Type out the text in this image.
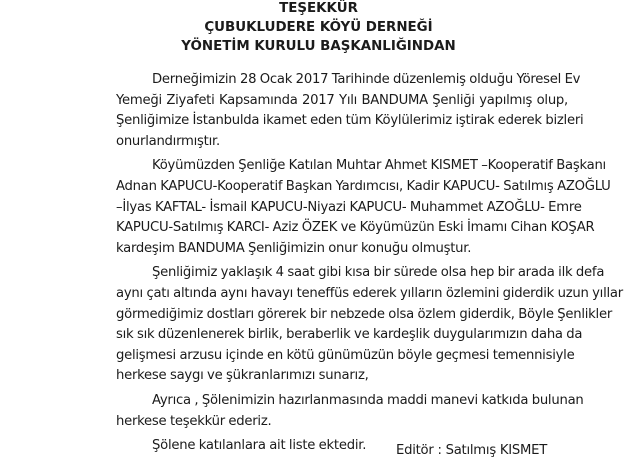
TEŞEKKÜR
ÇUBUKLUDERE KÖYÜ DERNEĞİ
YÖNETİM KURULU BAŞKANLIĞINDAN
Derneğimizin 28 Ocak 2017 Tarihinde düzenlemiş olduğu Yöresel Ev
Yemeği Ziyafeti Kapsamında 2017 Yılı BANDUMA Şenliği yapılmış olup,
Şenliğimize İstanbulda ikamet eden tüm Köylülerimiz iştirak ederek bizleri
onurlandırmıştır.
Köyümüzden Şenliğe Katılan Muhtar Ahmet KISMET –Kooperatif Başkanı
Adnan KAPUCU-Kooperatif Başkan Yardımcısı, Kadir KAPUCU- Satılmış AZOĞLU
–İlyas KAFTAL- İsmail KAPUCU-Niyazi KAPUCU- Muhammet AZOĞLU- Emre
KAPUCU-Satılmış KARCI- Aziz ÖZEK ve Köyümüzün Eski İmamı Cihan KOŞAR
kardeşim BANDUMA Şenliğimizin onur konuğu olmuştur.
Şenliğimiz yaklaşık 4 saat gibi kısa bir sürede olsa hep bir arada ilk defa
aynı çatı altında aynı havayı teneffüs ederek yılların özlemini giderdik uzun yıllar
görmediğimiz dostları görerek bir nebzede olsa özlem giderdik, Böyle Şenlikler
sık sık düzenlenerek birlik, beraberlik ve kardeşlik duygularımızın daha da
gelişmesi arzusu içinde en kötü günümüzün böyle geçmesi temennisiyle
herkese saygı ve şükranlarımızı sunarız,
Ayrıca , Şölenimizin hazırlanmasında maddi manevi katkıda bulunan
herkese teşekkür ederiz.
Şölene katılanlara ait liste ektedir.	Editör : Satılmış KISMET
